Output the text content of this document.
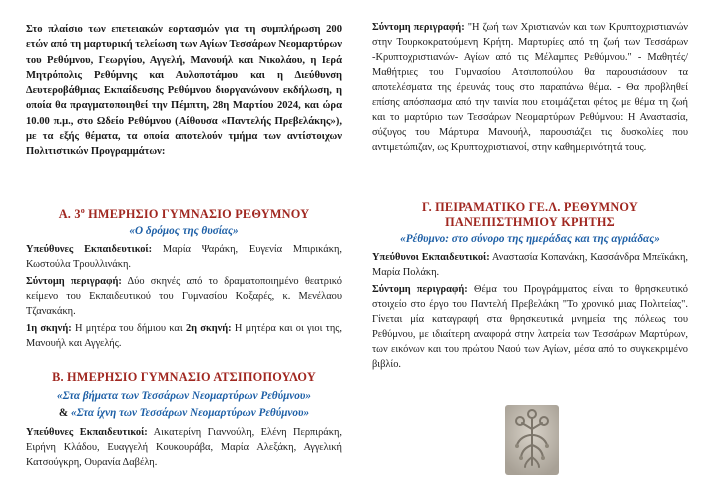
Στο πλαίσιο των επετειακών εορτασμών για τη συμπλήρωση 200 ετών από τη μαρτυρική τελείωση των Αγίων Τεσσάρων Νεομαρτύρων του Ρεθύμνου, Γεωργίου, Αγγελή, Μανουήλ και Νικολάου, η Ιερά Μητρόπολις Ρεθύμνης και Αυλοποτάμου και η Διεύθυνση Δευτεροβάθμιας Εκπαίδευσης Ρεθύμνου διοργανώνουν εκδήλωση, η οποία θα πραγματοποιηθεί την Πέμπτη, 28η Μαρτίου 2024, και ώρα 10.00 π.μ., στο Ωδείο Ρεθύμνου (Αίθουσα «Παντελής Πρεβελάκης»), με τα εξής θέματα, τα οποία αποτελούν τμήμα των αντίστοιχων Πολιτιστικών Προγραμμάτων:

Α. $3^o$ ΗΜΕΡΗΣΙΟ ΓΥΜΝΑΣΙΟ ΡΕΘΥΜΝΟΥ
«Ο δρόμος της θυσίας»

Υπεύθυνες Εκπαιδευτικοί: Μαρία Ψαράκη, Ευγενία Μπιρικάκη, Κωστούλα Τρουλλινάκη.

Σύντομη περιγραφή: Δύο σκηνές από το δραματοποιημένο θεατρικό κείμενο του Εκπαιδευτικού του Γυμνασίου Κοξαρές, κ. Μενέλαου Τζανακάκη.

1η σκηνή: Η μητέρα του δήμιου και 2η σκηνή: Η μητέρα και οι γιοι της, Μανουήλ και Αγγελής.

Β. ΗΜΕΡΗΣΙΟ ΓΥΜΝΑΣΙΟ ΑΤΣΙΠΟΠΟΥΛΟΥ
«Στα βήματα των Τεσσάρων Νεομαρτύρων Ρεθύμνου»
& «Στα ίχνη των Τεσσάρων Νεομαρτύρων Ρεθύμνου»

Υπεύθυνες Εκπαιδευτικοί: Αικατερίνη Γιαννούλη, Ελένη Περπιράκη, Ειρήνη Κλάδου, Ευαγγελή Κουκουράβα, Μαρία Αλεξάκη, Αγγελική Κατσούγκρη, Ουρανία Δαβέλη.

Σύντομη περιγραφή: "Η ζωή των Χριστιανών και των Κρυπτοχριστιανών στην Τουρκοκρατούμενη Κρήτη. Μαρτυρίες από τη ζωή των Τεσσάρων -Κρυπτοχριστιανών- Αγίων από τις Μέλαμπες Ρεθύμνου." - Μαθητές/Μαθήτριες του Γυμνασίου Ατσιποπούλου θα παρουσιάσουν τα αποτελέσματα της έρευνάς τους στο παραπάνω θέμα. - Θα προβληθεί επίσης απόσπασμα από την ταινία που ετοιμάζεται φέτος με θέμα τη ζωή και το μαρτύριο των Τεσσάρων Νεομαρτύρων Ρεθύμνου: Η Αναστασία, σύζυγος του Μάρτυρα Μανουήλ, παρουσιάζει τις δυσκολίες που αντιμετώπιζαν, ως Κρυπτοχριστιανοί, στην καθημερινότητά τους.

Γ. ΠΕΙΡΑΜΑΤΙΚΟ ΓΕ.Λ. ΡΕΘΥΜΝΟΥ
ΠΑΝΕΠΙΣΤΗΜΙΟΥ ΚΡΗΤΗΣ
«Ρέθυμνο: στο σύνορο της ημεράδας και της αγριάδας»

Υπεύθυνοι Εκπαιδευτικοί: Αναστασία Κοπανάκη, Κασσάνδρα Μπεϊκάκη, Μαρία Πολάκη.

Σύντομη περιγραφή: Θέμα του Προγράμματος είναι το θρησκευτικό στοιχείο στο έργο του Παντελή Πρεβελάκη "Το χρονικό μιας Πολιτείας". Γίνεται μία καταγραφή στα θρησκευτικά μνημεία της πόλεως του Ρεθύμνου, με ιδιαίτερη αναφορά στην λατρεία των Τεσσάρων Μαρτύρων, των εικόνων και του πρώτου Ναού των Αγίων, μέσα από το συγκεκριμένο βιβλίο.
